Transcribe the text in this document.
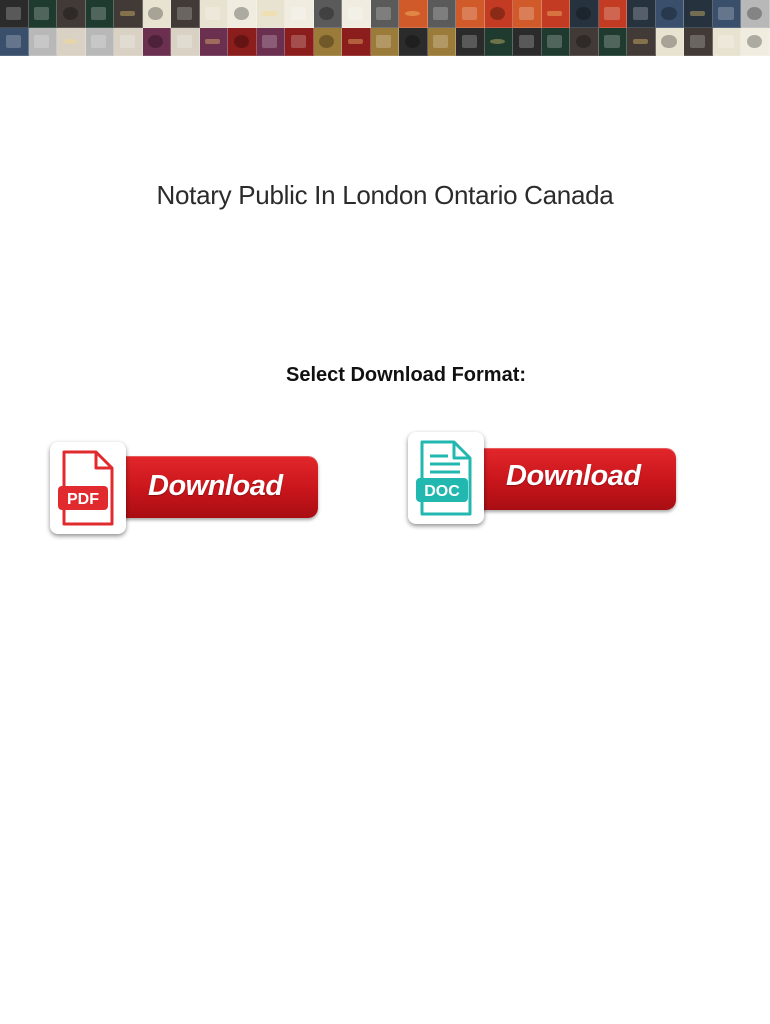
Notary Public In London Ontario Canada
Select Download Format:
Download
PDF
Download
DOC
